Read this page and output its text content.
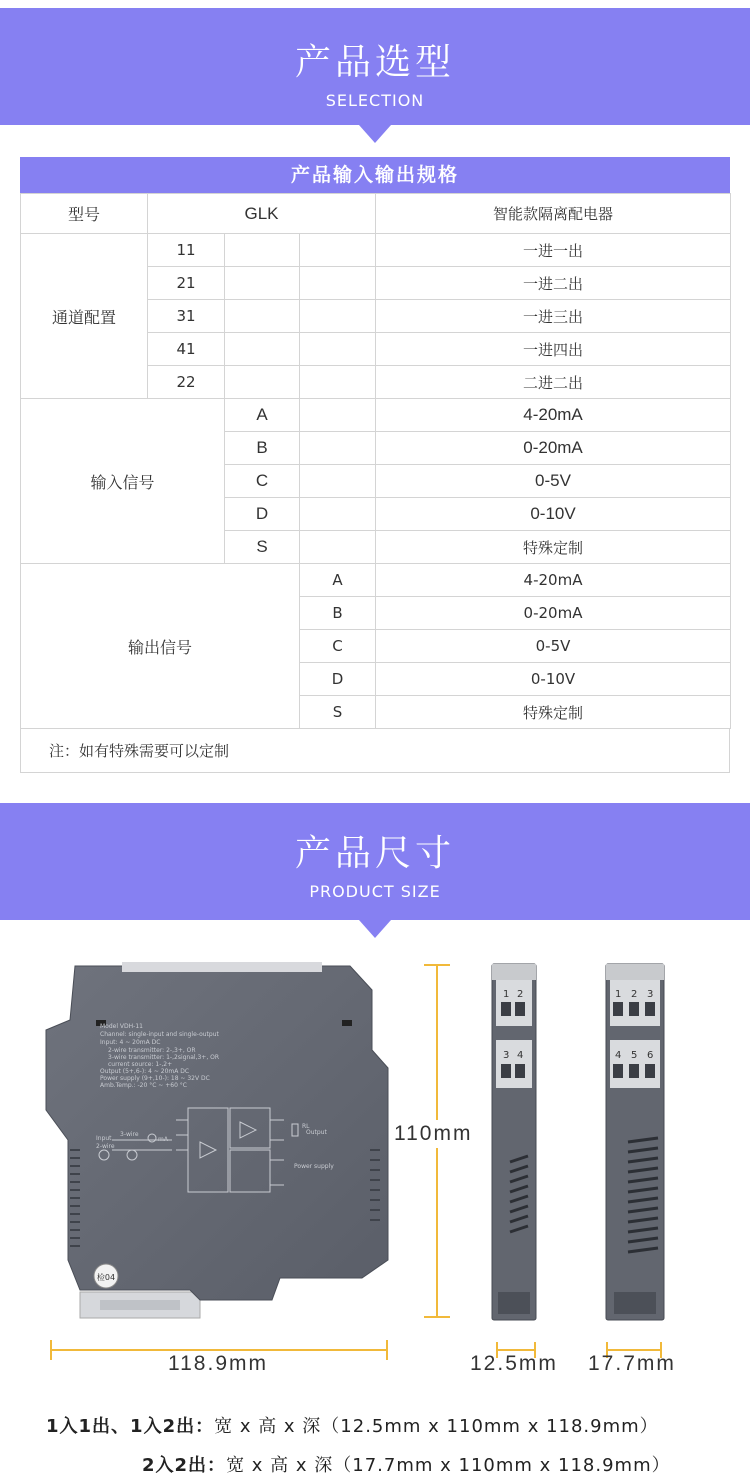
产品选型
SELECTION
产品输入输出规格
型号	GLK			智能款隔离配电器
通道配置	11			一进一出
	21			一进二出
	31			一进三出
	41			一进四出
	22			二进二出
输入信号		A		4-20mA
		B		0-20mA
		C		0-5V
		D		0-10V
		S		特殊定制
输出信号			A	4-20mA
			B	0-20mA
			C	0-5V
			D	0-10V
			S	特殊定制
注：如有特殊需要可以定制
产品尺寸
PRODUCT SIZE
Model VDH-11
Channel: single-input and single-output
Input: 4 ~ 20mA DC
2-wire transmitter: 2-,3+, OR
3-wire transmitter: 1-,2signal,3+, OR
current source: 1-,2+
Output (5+,6-): 4 ~ 20mA DC
Power supply (9+,10-): 18 ~ 32V DC
Amb.Temp.: -20 °C ~ +60 °C
Input
2-wire
3-wire
mA
RL
Output
Power supply
检04
110mm
118.9mm
1 2
3 4
1 2 3
4 5 6
12.5mm 17.7mm
1入1出、1入2出：宽 x 高 x 深（12.5mm x 110mm x 118.9mm）
2入2出：宽 x 高 x 深（17.7mm x 110mm x 118.9mm）
